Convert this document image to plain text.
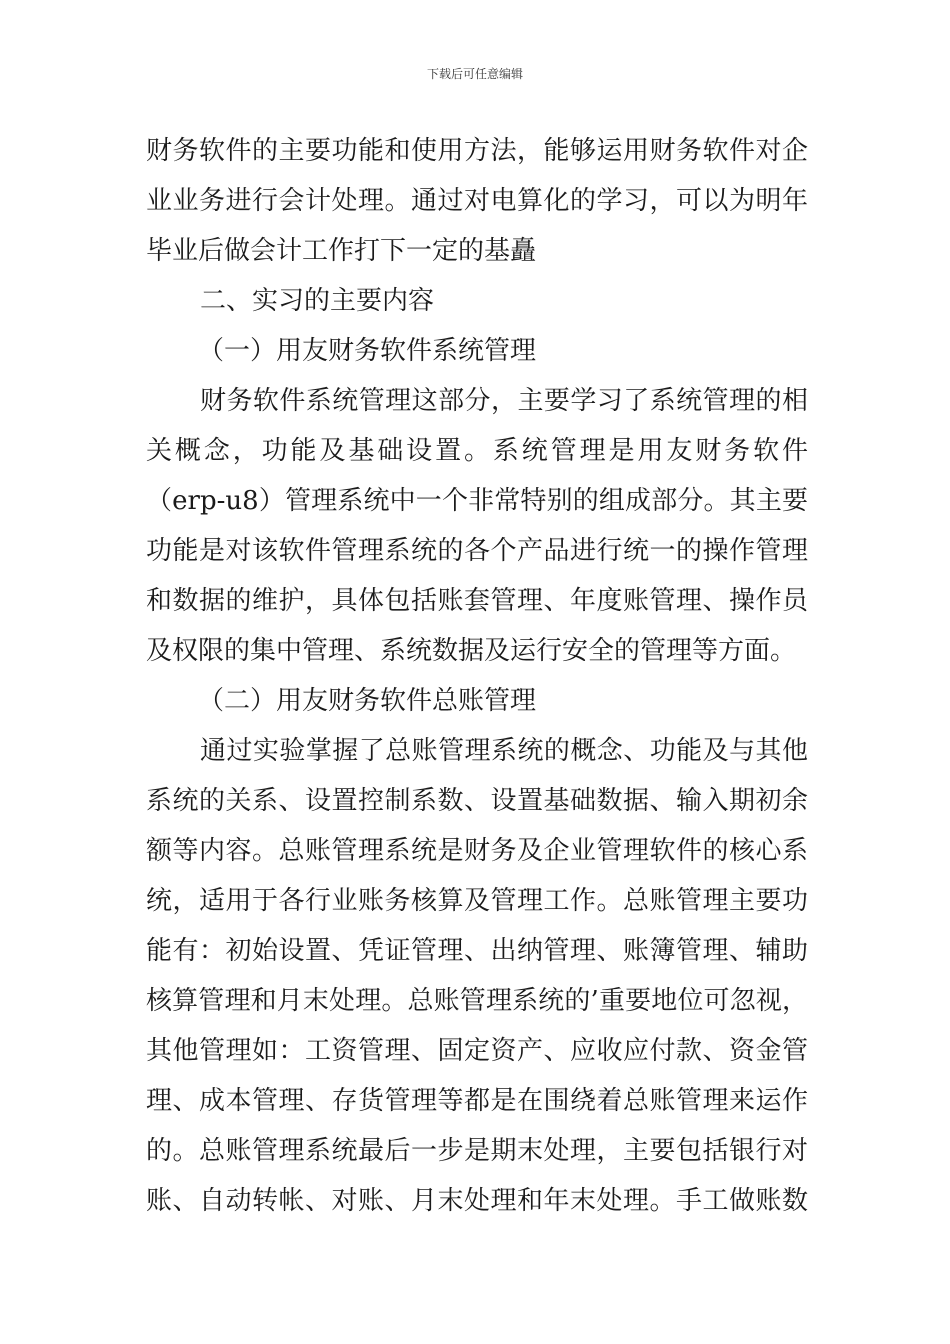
下载后可任意编辑
财务软件的主要功能和使用方法，能够运用财务软件对企
业业务进行会计处理。通过对电算化的学习，可以为明年
毕业后做会计工作打下一定的基矗
二、实习的主要内容
（一）用友财务软件系统管理
财务软件系统管理这部分，主要学习了系统管理的相
关概念，功能及基础设置。系统管理是用友财务软件
（erp-u8）管理系统中一个非常特别的组成部分。其主要
功能是对该软件管理系统的各个产品进行统一的操作管理
和数据的维护，具体包括账套管理、年度账管理、操作员
及权限的集中管理、系统数据及运行安全的管理等方面。
（二）用友财务软件总账管理
通过实验掌握了总账管理系统的概念、功能及与其他
系统的关系、设置控制系数、设置基础数据、输入期初余
额等内容。总账管理系统是财务及企业管理软件的核心系
统，适用于各行业账务核算及管理工作。总账管理主要功
能有：初始设置、凭证管理、出纳管理、账簿管理、辅助
核算管理和月末处理。总账管理系统的’重要地位可忽视，
其他管理如：工资管理、固定资产、应收应付款、资金管
理、成本管理、存货管理等都是在围绕着总账管理来运作
的。总账管理系统最后一步是期末处理，主要包括银行对
账、自动转帐、对账、月末处理和年末处理。手工做账数
